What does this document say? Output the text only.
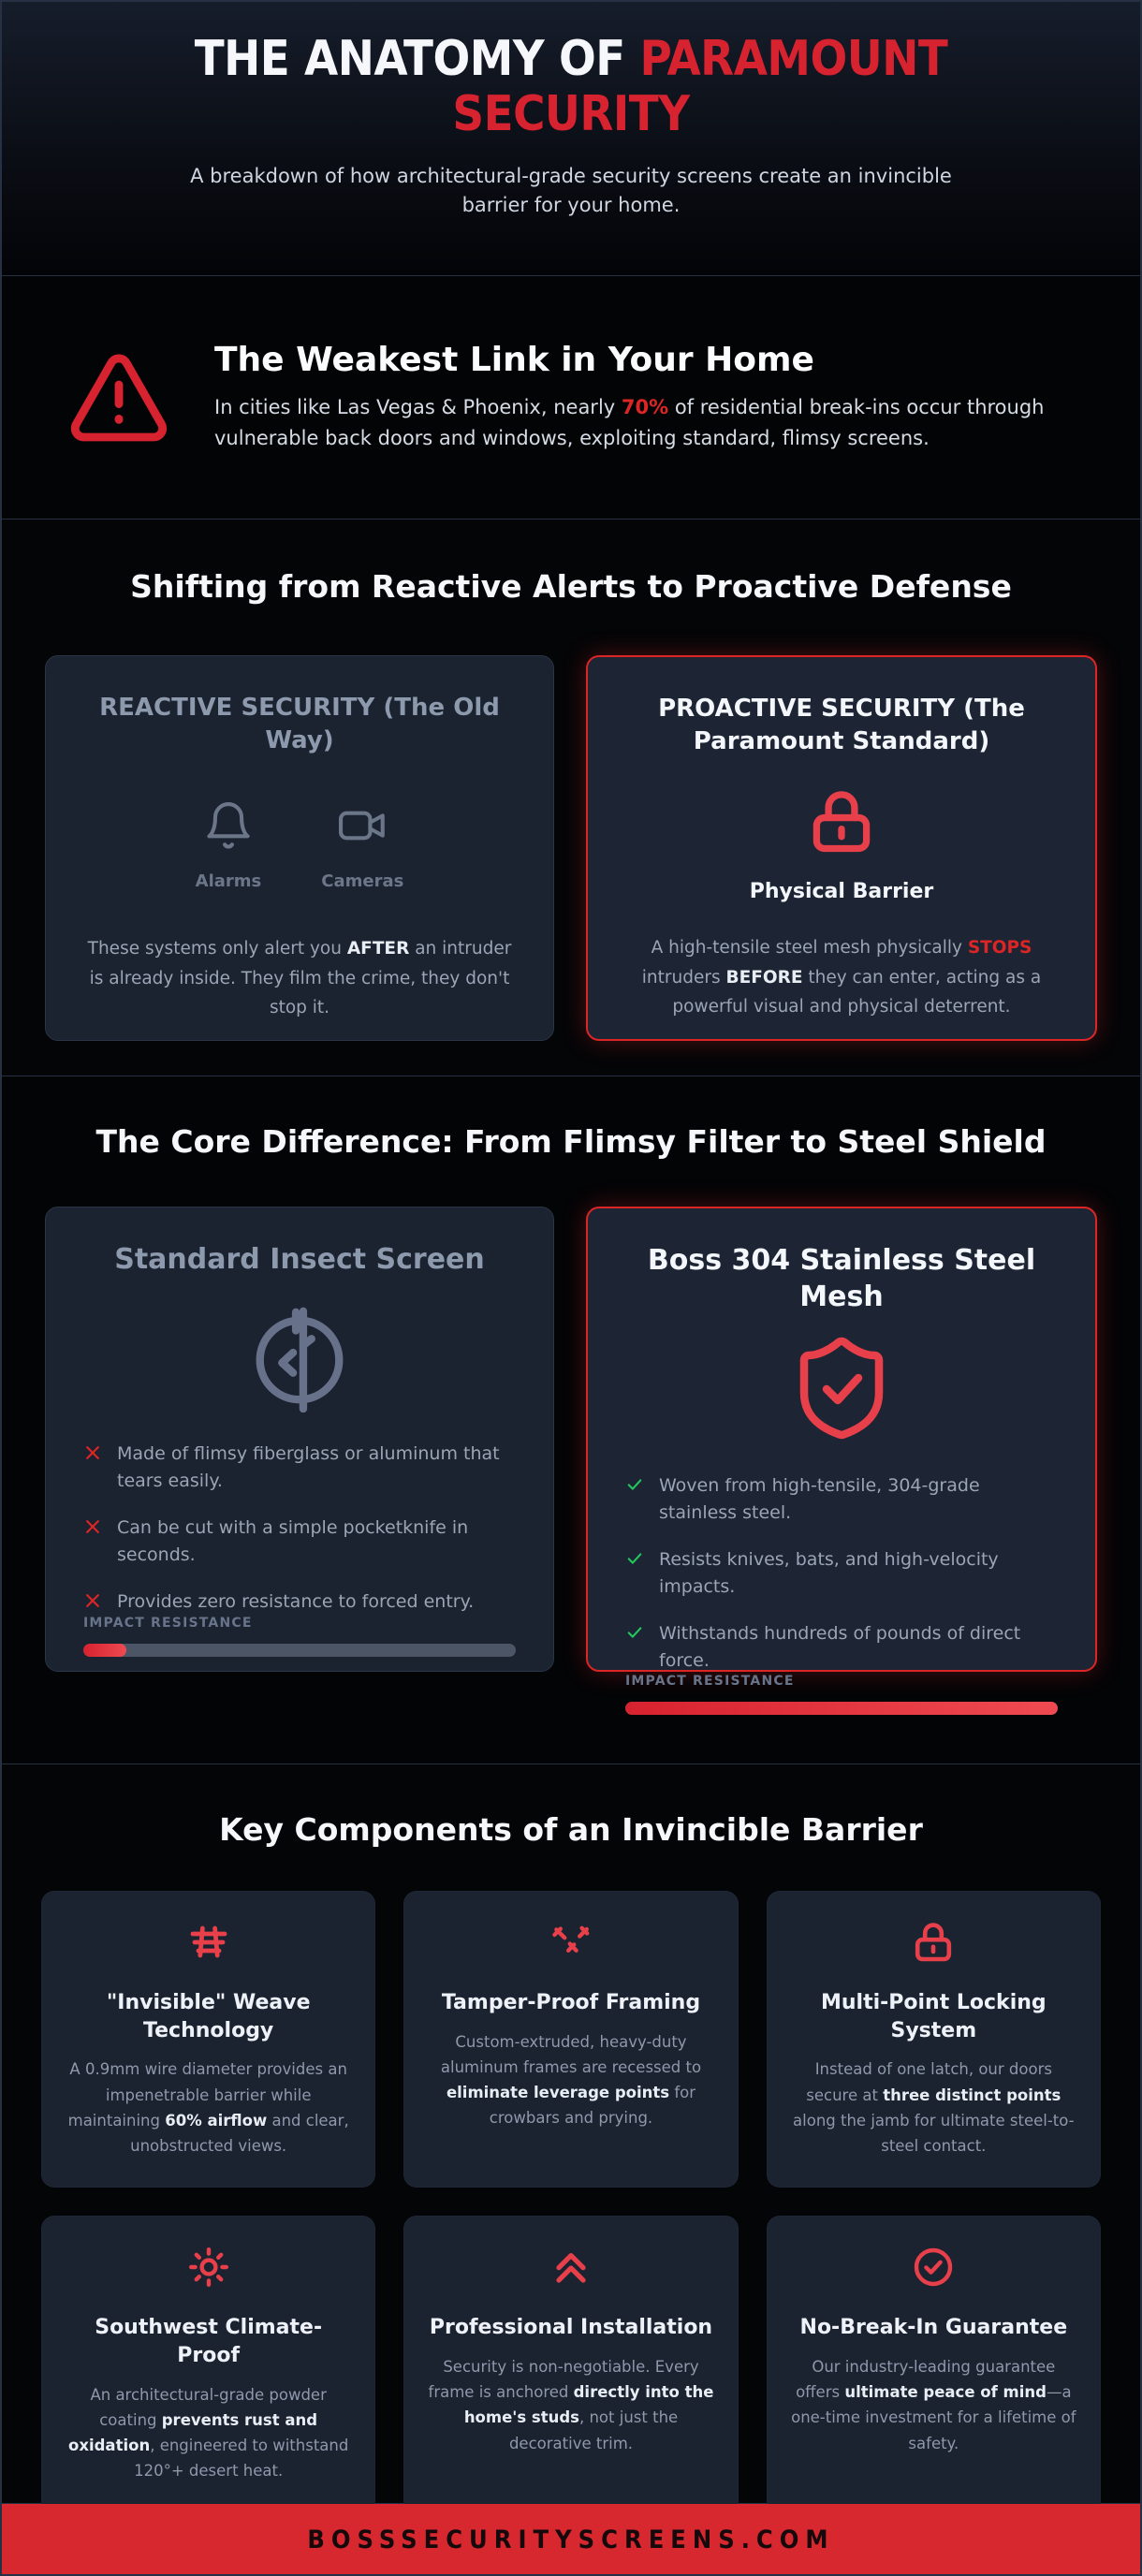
THE ANATOMY OF PARAMOUNT SECURITY

A breakdown of how architectural-grade security screens create an invincible barrier for your home.

The Weakest Link in Your Home

In cities like Las Vegas & Phoenix, nearly 70% of residential break-ins occur through vulnerable back doors and windows, exploiting standard, flimsy screens.

Shifting from Reactive Alerts to Proactive Defense
REACTIVE SECURITY (The Old Way)
Alarms	Cameras

These systems only alert you AFTER an intruder is already inside. They film the crime, they don't stop it.

PROACTIVE SECURITY (The Paramount Standard)
Physical Barrier

A high-tensile steel mesh physically STOPS intruders BEFORE they can enter, acting as a powerful visual and physical deterrent.

The Core Difference: From Flimsy Filter to Steel Shield
Standard Insect Screen
Made of flimsy fiberglass or aluminum that tears easily.
Can be cut with a simple pocketknife in seconds.
Provides zero resistance to forced entry.
IMPACT RESISTANCE
Boss 304 Stainless Steel Mesh
Woven from high-tensile, 304-grade stainless steel.
Resists knives, bats, and high-velocity impacts.
Withstands hundreds of pounds of direct force.
IMPACT RESISTANCE
Key Components of an Invincible Barrier
"Invisible" Weave Technology

A 0.9mm wire diameter provides an impenetrable barrier while maintaining 60% airflow and clear, unobstructed views.

Tamper-Proof Framing

Custom-extruded, heavy-duty aluminum frames are recessed to eliminate leverage points for crowbars and prying.

Multi-Point Locking System

Instead of one latch, our doors secure at three distinct points along the jamb for ultimate steel-to-steel contact.

Southwest Climate-Proof

An architectural-grade powder coating prevents rust and oxidation, engineered to withstand 120°+ desert heat.

Professional Installation

Security is non-negotiable. Every frame is anchored directly into the home's studs, not just the decorative trim.

No-Break-In Guarantee

Our industry-leading guarantee offers ultimate peace of mind—a one-time investment for a lifetime of safety.

BOSSSECURITYSCREENS.COM
